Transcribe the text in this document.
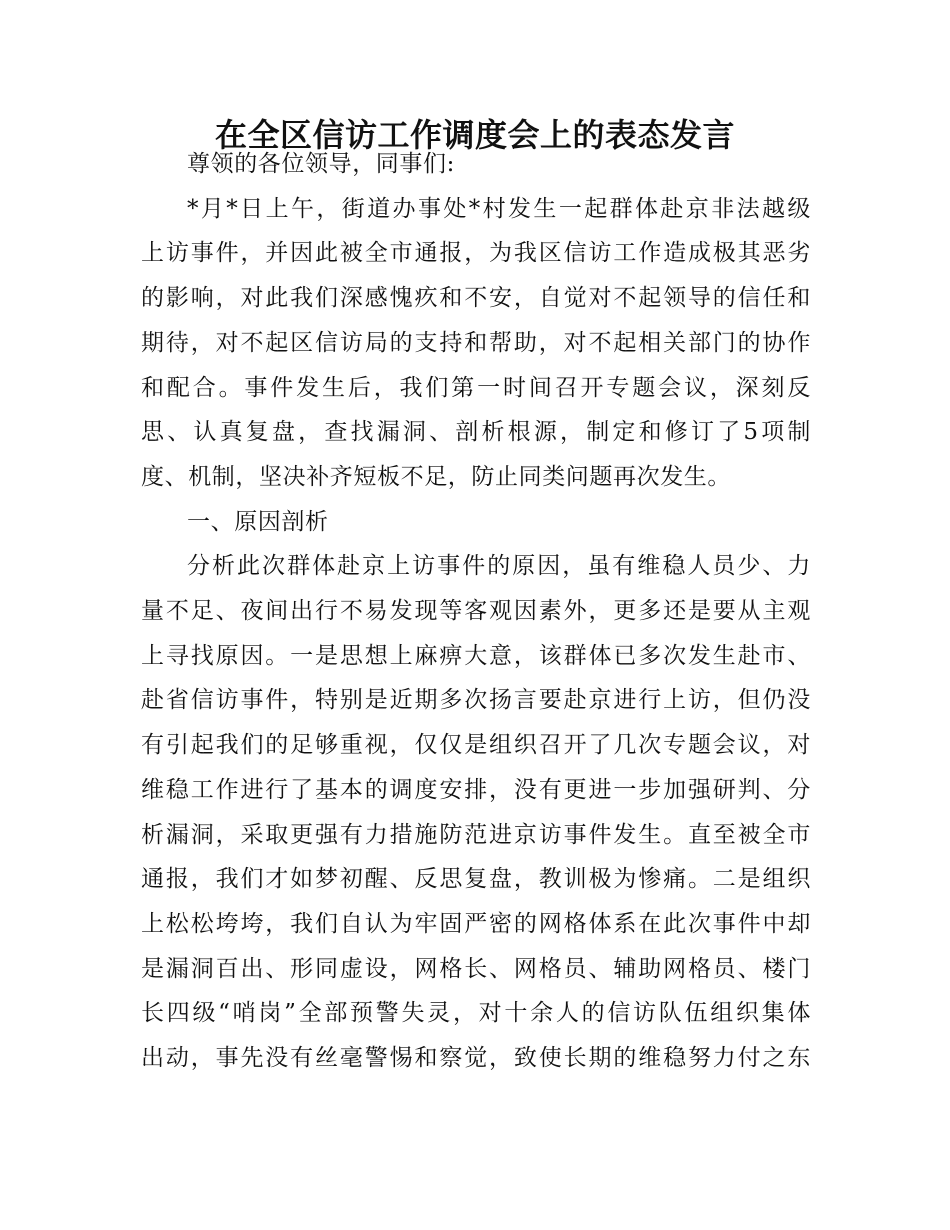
在全区信访工作调度会上的表态发言

尊领的各位领导，同事们:

*月*日上午，街道办事处*村发生一起群体赴京非法越级
上访事件，并因此被全市通报，为我区信访工作造成极其恶劣
的影响，对此我们深感愧疚和不安，自觉对不起领导的信任和
期待，对不起区信访局的支持和帮助，对不起相关部门的协作
和配合。事件发生后，我们第一时间召开专题会议，深刻反
思、认真复盘，查找漏洞、剖析根源，制定和修订了5项制
度、机制，坚决补齐短板不足，防止同类问题再次发生。

一、原因剖析

分析此次群体赴京上访事件的原因，虽有维稳人员少、力
量不足、夜间出行不易发现等客观因素外，更多还是要从主观
上寻找原因。一是思想上麻痹大意，该群体已多次发生赴市、
赴省信访事件，特别是近期多次扬言要赴京进行上访，但仍没
有引起我们的足够重视，仅仅是组织召开了几次专题会议，对
维稳工作进行了基本的调度安排，没有更进一步加强研判、分
析漏洞，采取更强有力措施防范进京访事件发生。直至被全市
通报，我们才如梦初醒、反思复盘，教训极为惨痛。二是组织
上松松垮垮，我们自认为牢固严密的网格体系在此次事件中却
是漏洞百出、形同虚设，网格长、网格员、辅助网格员、楼门
长四级“哨岗”全部预警失灵，对十余人的信访队伍组织集体
出动，事先没有丝毫警惕和察觉，致使长期的维稳努力付之东
